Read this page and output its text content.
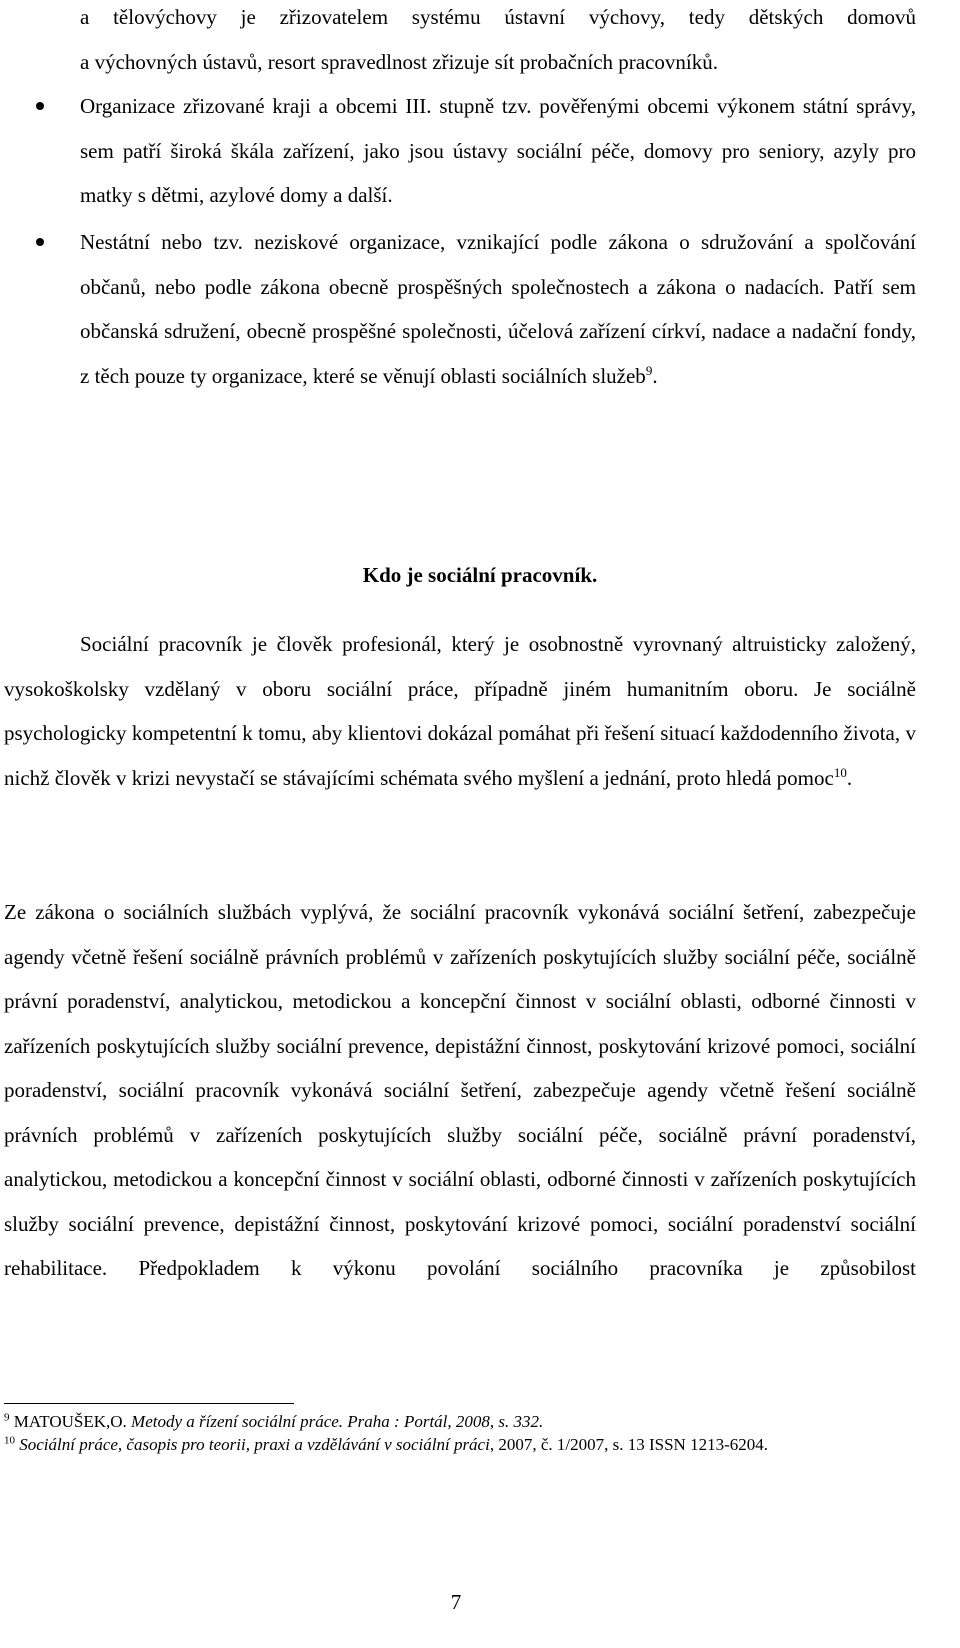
a tělovýchovy je zřizovatelem systému ústavní výchovy, tedy dětských domovů
a výchovných ústavů, resort spravedlnost zřizuje sít probačních pracovníků.
Organizace zřizované kraji a obcemi III. stupně tzv. pověřenými obcemi výkonem státní správy, sem patří široká škála zařízení, jako jsou ústavy sociální péče, domovy pro seniory, azyly pro matky s dětmi, azylové domy a další.
Nestátní nebo tzv. neziskové organizace, vznikající podle zákona o sdružování a spolčování občanů, nebo podle zákona obecně prospěšných společnostech a zákona o nadacích. Patří sem občanská sdružení, obecně prospěšné společnosti, účelová zařízení církví, nadace a nadační fondy, z těch pouze ty organizace, které se věnují oblasti sociálních služeb$^9$.
Kdo je sociální pracovník.
Sociální pracovník je člověk profesionál, který je osobnostně vyrovnaný altruisticky založený, vysokoškolsky vzdělaný v oboru sociální práce, případně jiném humanitním oboru. Je sociálně psychologicky kompetentní k tomu, aby klientovi dokázal pomáhat při řešení situací každodenního života, v nichž člověk v krizi nevystačí se stávajícími schémata svého myšlení a jednání, proto hledá pomoc$^{10}$.
Ze zákona o sociálních službách vyplývá, že sociální pracovník vykonává sociální šetření, zabezpečuje agendy včetně řešení sociálně právních problémů v zařízeních poskytujících služby sociální péče, sociálně právní poradenství, analytickou, metodickou a koncepční činnost v sociální oblasti, odborné činnosti v zařízeních poskytujících služby sociální prevence, depistážní činnost, poskytování krizové pomoci, sociální poradenství, sociální pracovník vykonává sociální šetření, zabezpečuje agendy včetně řešení sociálně právních problémů v zařízeních poskytujících služby sociální péče, sociálně právní poradenství, analytickou, metodickou a koncepční činnost v sociální oblasti, odborné činnosti v zařízeních poskytujících služby sociální prevence, depistážní činnost, poskytování krizové pomoci, sociální poradenství sociální rehabilitace. Předpokladem k výkonu povolání sociálního pracovníka je způsobilost

$^9$ MATOUŠEK,O. Metody a řízení sociální práce. Praha : Portál, 2008, s. 332.

$^{10}$ Sociální práce, časopis pro teorii, praxi a vzdělávání v sociální práci, 2007, č. 1/2007, s. 13 ISSN 1213-6204.

7
